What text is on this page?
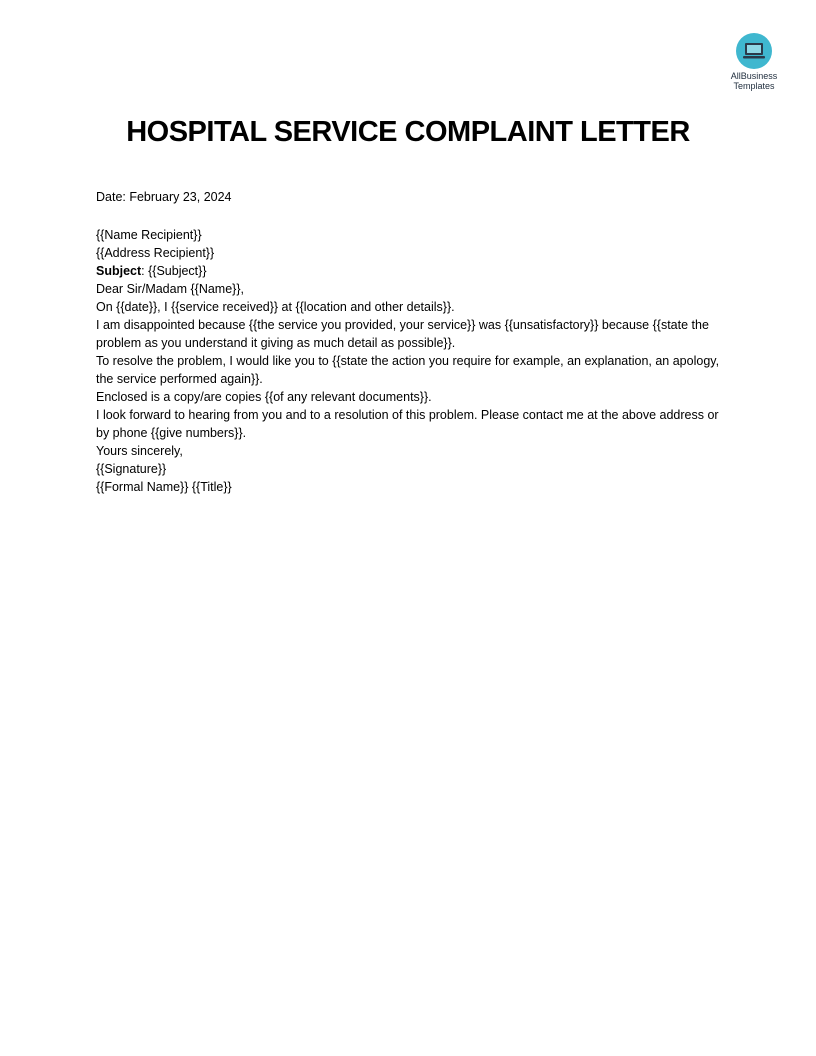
AllBusiness
Templates
HOSPITAL SERVICE COMPLAINT LETTER

Date: February 23, 2024

{{Name Recipient}}

{{Address Recipient}}

Subject: {{Subject}}

Dear Sir/Madam {{Name}},

On {{date}}, I {{service received}} at {{location and other details}}.

I am disappointed because {{the service you provided, your service}} was {{unsatisfactory}} because {{state the problem as you understand it giving as much detail as possible}}.

To resolve the problem, I would like you to {{state the action you require for example, an explanation, an apology, the service performed again}}.

Enclosed is a copy/are copies {{of any relevant documents}}.

I look forward to hearing from you and to a resolution of this problem. Please contact me at the above address or by phone {{give numbers}}.

Yours sincerely,

{{Signature}}

{{Formal Name}} {{Title}}
